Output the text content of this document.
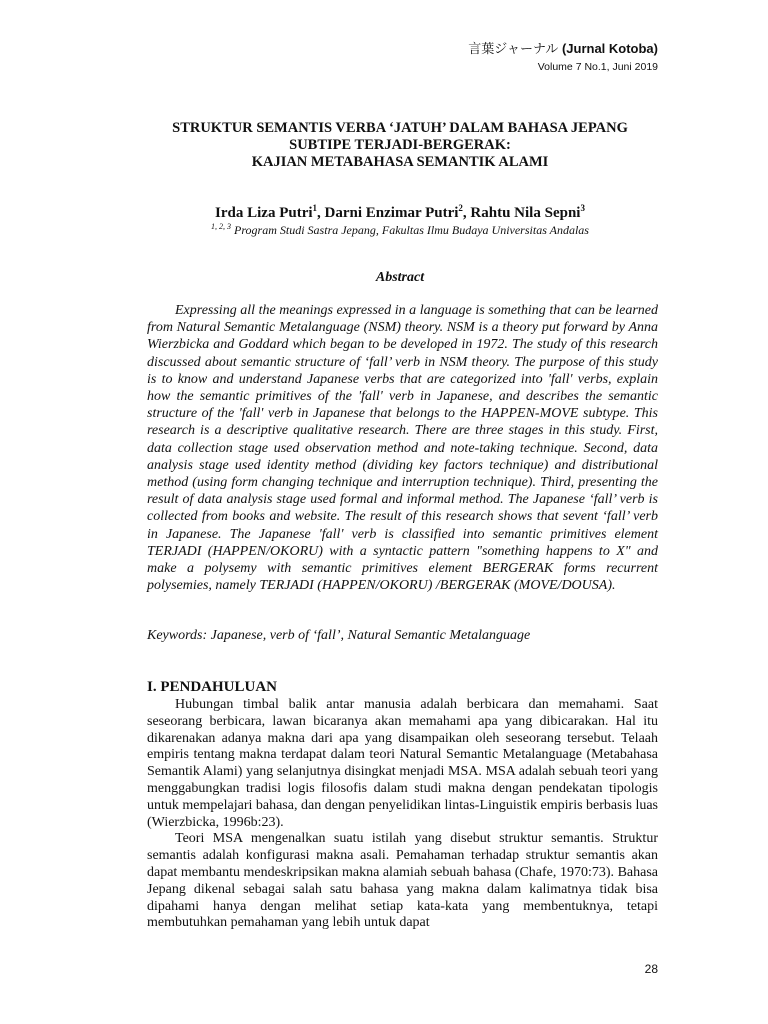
言葉ジャーナル (Jurnal Kotoba)
Volume 7 No.1, Juni 2019
STRUKTUR SEMANTIS VERBA ‘JATUH’ DALAM BAHASA JEPANG
SUBTIPE TERJADI-BERGERAK:
KAJIAN METABAHASA SEMANTIK ALAMI
Irda Liza Putri$^1$, Darni Enzimar Putri$^2$, Rahtu Nila Sepni$^3$
$^{1, 2, 3}$ Program Studi Sastra Jepang, Fakultas Ilmu Budaya Universitas Andalas
Abstract

Expressing all the meanings expressed in a language is something that can be learned from Natural Semantic Metalanguage (NSM) theory. NSM is a theory put forward by Anna Wierzbicka and Goddard which began to be developed in 1972. The study of this research discussed about semantic structure of ‘fall’ verb in NSM theory. The purpose of this study is to know and understand Japanese verbs that are categorized into 'fall' verbs, explain how the semantic primitives of the 'fall' verb in Japanese, and describes the semantic structure of the 'fall' verb in Japanese that belongs to the HAPPEN-MOVE subtype. This research is a descriptive qualitative research. There are three stages in this study. First, data collection stage used observation method and note-taking technique. Second, data analysis stage used identity method (dividing key factors technique) and distributional method (using form changing technique and interruption technique). Third, presenting the result of data analysis stage used formal and informal method. The Japanese ‘fall’ verb is collected from books and website. The result of this research shows that sevent ‘fall’ verb in Japanese. The Japanese 'fall' verb is classified into semantic primitives element TERJADI (HAPPEN/OKORU) with a syntactic pattern "something happens to X" and make a polysemy with semantic primitives element BERGERAK forms recurrent polysemies, namely TERJADI (HAPPEN/OKORU) /BERGERAK (MOVE/DOUSA).

Keywords: Japanese, verb of ‘fall’, Natural Semantic Metalanguage
I. PENDAHULUAN

Hubungan timbal balik antar manusia adalah berbicara dan memahami. Saat seseorang berbicara, lawan bicaranya akan memahami apa yang dibicarakan. Hal itu dikarenakan adanya makna dari apa yang disampaikan oleh seseorang tersebut. Telaah empiris tentang makna terdapat dalam teori Natural Semantic Metalanguage (Metabahasa Semantik Alami) yang selanjutnya disingkat menjadi MSA. MSA adalah sebuah teori yang menggabungkan tradisi logis filosofis dalam studi makna dengan pendekatan tipologis untuk mempelajari bahasa, dan dengan penyelidikan lintas-Linguistik empiris berbasis luas (Wierzbicka, 1996b:23).

Teori MSA mengenalkan suatu istilah yang disebut struktur semantis. Struktur semantis adalah konfigurasi makna asali. Pemahaman terhadap struktur semantis akan dapat membantu mendeskripsikan makna alamiah sebuah bahasa (Chafe, 1970:73). Bahasa Jepang dikenal sebagai salah satu bahasa yang makna dalam kalimatnya tidak bisa dipahami hanya dengan melihat setiap kata-kata yang membentuknya, tetapi membutuhkan pemahaman yang lebih untuk dapat

28
